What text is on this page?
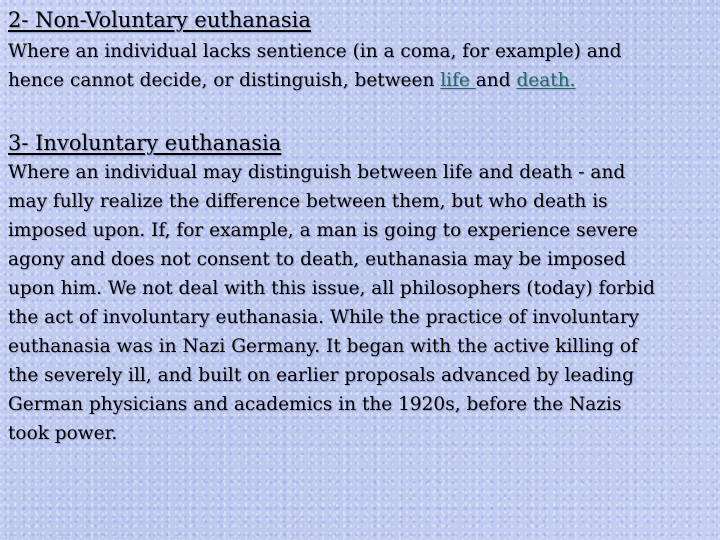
2- Non-Voluntary euthanasia

Where an individual lacks sentience (in a coma, for example) and
hence cannot decide, or distinguish, between life and death.

3- Involuntary euthanasia

Where an individual may distinguish between life and death - and
may fully realize the difference between them, but who death is
imposed upon. If, for example, a man is going to experience severe
agony and does not consent to death, euthanasia may be imposed
upon him. We not deal with this issue, all philosophers (today) forbid
the act of involuntary euthanasia. While the practice of involuntary
euthanasia was in Nazi Germany. It began with the active killing of
the severely ill, and built on earlier proposals advanced by leading
German physicians and academics in the 1920s, before the Nazis
took power.
